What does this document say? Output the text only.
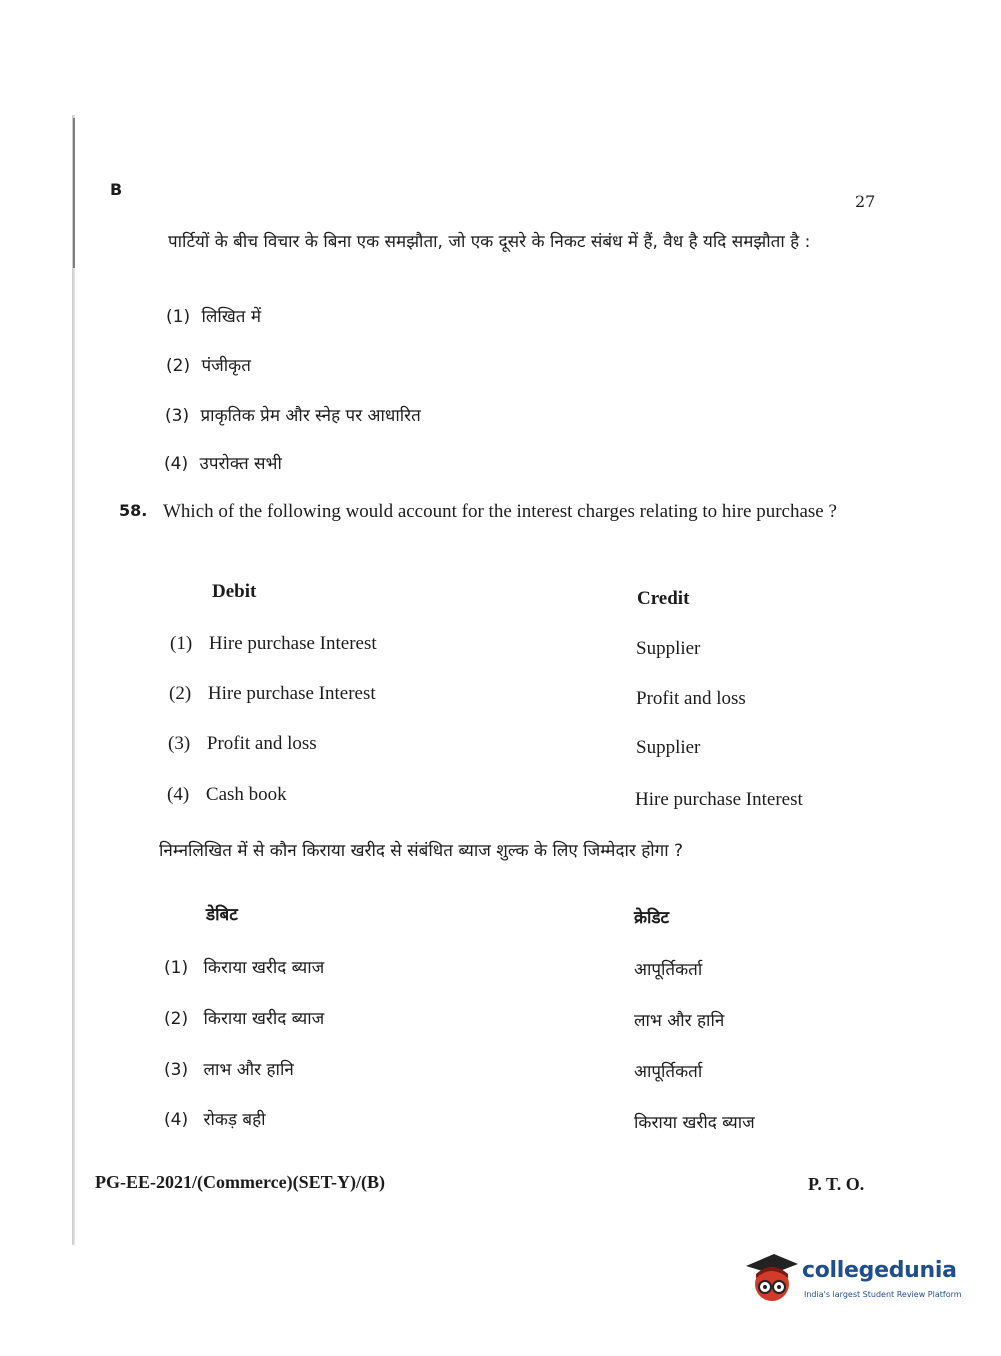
B
27
पार्टियों के बीच विचार के बिना एक समझौता, जो एक दूसरे के निकट संबंध में हैं, वैध है यदि समझौता है :
(1) लिखित में
(2) पंजीकृत
(3) प्राकृतिक प्रेम और स्नेह पर आधारित
(4) उपरोक्त सभी
58. Which of the following would account for the interest charges relating to hire purchase ?
Debit	Credit
(1) Hire purchase Interest	Supplier
(2) Hire purchase Interest	Profit and loss
(3) Profit and loss	Supplier
(4) Cash book	Hire purchase Interest
निम्नलिखित में से कौन किराया खरीद से संबंधित ब्याज शुल्क के लिए जिम्मेदार होगा ?
डेबिट	क्रेडिट
(1) किराया खरीद ब्याज	आपूर्तिकर्ता
(2) किराया खरीद ब्याज	लाभ और हानि
(3) लाभ और हानि	आपूर्तिकर्ता
(4) रोकड़ बही	किराया खरीद ब्याज
PG-EE-2021/(Commerce)(SET-Y)/(B)	P. T. O.
collegedunia
India's largest Student Review Platform
